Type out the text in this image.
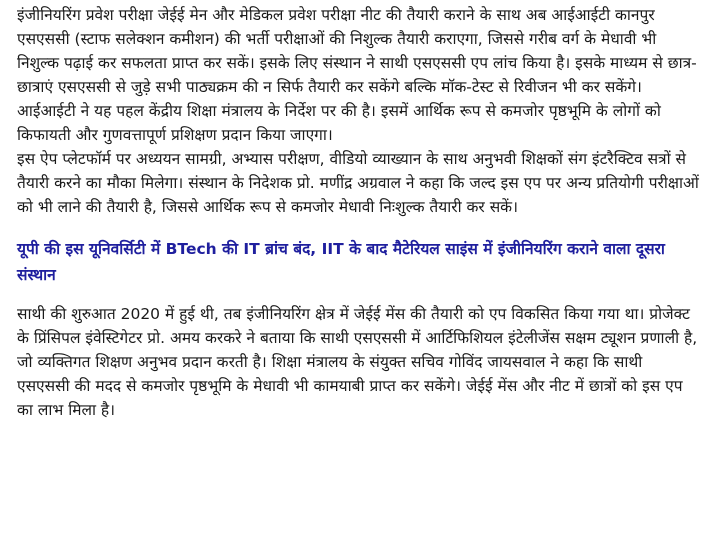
इंजीनियरिंग प्रवेश परीक्षा जेईई मेन और मेडिकल प्रवेश परीक्षा नीट की तैयारी कराने के साथ अब आईआईटी कानपुर एसएससी (स्टाफ सलेक्शन कमीशन) की भर्ती परीक्षाओं की निशुल्क तैयारी कराएगा, जिससे गरीब वर्ग के मेधावी भी निशुल्क पढ़ाई कर सफलता प्राप्त कर सकें। इसके लिए संस्थान ने साथी एसएससी एप लांच किया है। इसके माध्यम से छात्र-छात्राएं एसएससी से जुड़े सभी पाठ्यक्रम की न सिर्फ तैयारी कर सकेंगे बल्कि मॉक-टेस्ट से रिवीजन भी कर सकेंगे। आईआईटी ने यह पहल केंद्रीय शिक्षा मंत्रालय के निर्देश पर की है। इसमें आर्थिक रूप से कमजोर पृष्ठभूमि के लोगों को किफायती और गुणवत्तापूर्ण प्रशिक्षण प्रदान किया जाएगा।

इस ऐप प्लेटफॉर्म पर अध्ययन सामग्री, अभ्यास परीक्षण, वीडियो व्याख्यान के साथ अनुभवी शिक्षकों संग इंटरैक्टिव सत्रों से तैयारी करने का मौका मिलेगा। संस्थान के निदेशक प्रो. मणींद्र अग्रवाल ने कहा कि जल्द इस एप पर अन्य प्रतियोगी परीक्षाओं को भी लाने की तैयारी है, जिससे आर्थिक रूप से कमजोर मेधावी निःशुल्क तैयारी कर सकें।

यूपी की इस यूनिवर्सिटी में BTech की IT ब्रांच बंद, IIT के बाद मैटेरियल साइंस में इंजीनियरिंग कराने वाला दूसरा संस्थान

साथी की शुरुआत 2020 में हुई थी, तब इंजीनियरिंग क्षेत्र में जेईई मेंस की तैयारी को एप विकसित किया गया था। प्रोजेक्ट के प्रिंसिपल इंवेस्टिगेटर प्रो. अमय करकरे ने बताया कि साथी एसएससी में आर्टिफिशियल इंटेलीजेंस सक्षम ट्यूशन प्रणाली है, जो व्यक्तिगत शिक्षण अनुभव प्रदान करती है। शिक्षा मंत्रालय के संयुक्त सचिव गोविंद जायसवाल ने कहा कि साथी एसएससी की मदद से कमजोर पृष्ठभूमि के मेधावी भी कामयाबी प्राप्त कर सकेंगे। जेईई मेंस और नीट में छात्रों को इस एप का लाभ मिला है।
